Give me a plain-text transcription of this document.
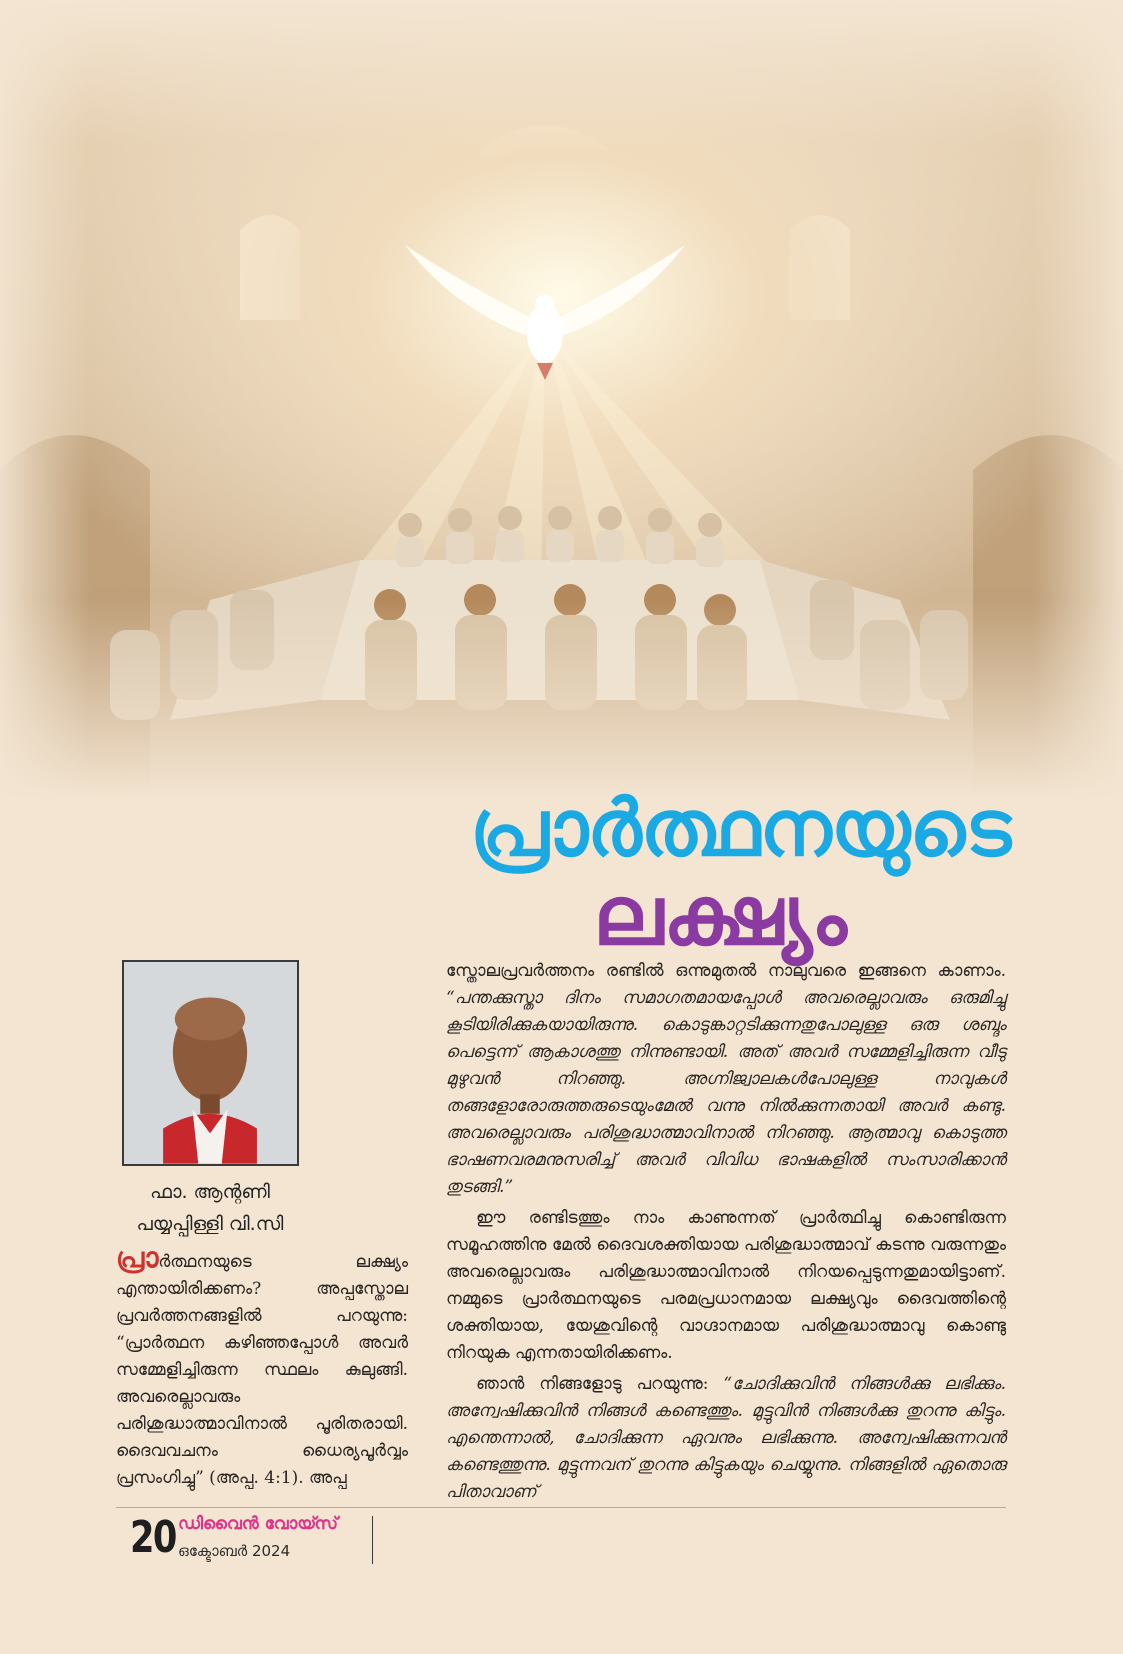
പ്രാർത്ഥനയുടെ
ലക്ഷ്യം
ഫാ. ആന്റണി
പയ്യപ്പിള്ളി വി.സി

പ്രാർത്ഥനയുടെ ലക്ഷ്യം എന്തായിരിക്കണം? അപ്പസ്തോല പ്രവർത്തനങ്ങളിൽ പറയുന്നു: “പ്രാർത്ഥന കഴിഞ്ഞപ്പോൾ അവർ സമ്മേളിച്ചിരുന്ന സ്ഥലം കുലുങ്ങി. അവരെല്ലാവരും പരിശുദ്ധാത്മാവിനാൽ പൂരിതരായി. ദൈവവചനം ധൈര്യപൂർവ്വം പ്രസംഗിച്ചു” (അപ്പ. 4:1). അപ്പ

സ്തോലപ്രവർത്തനം രണ്ടിൽ ഒന്നുമുതൽ നാലുവരെ ഇങ്ങനെ കാണാം. “പന്തക്കുസ്താ ദിനം സമാഗതമായപ്പോൾ അവരെല്ലാവരും ഒരുമിച്ചു കൂടിയിരിക്കുകയായിരുന്നു. കൊടുങ്കാറ്റടിക്കുന്നതുപോലുള്ള ഒരു ശബ്ദം പെട്ടെന്ന് ആകാശത്തു നിന്നുണ്ടായി. അത് അവർ സമ്മേളിച്ചിരുന്ന വീടു മുഴുവൻ നിറഞ്ഞു. അഗ്നിജ്വാലകൾപോലുള്ള നാവുകൾ തങ്ങളോരോരുത്തരുടെയുംമേൽ വന്നു നിൽക്കുന്നതായി അവർ കണ്ടു. അവരെല്ലാവരും പരിശുദ്ധാത്മാവിനാൽ നിറഞ്ഞു. ആത്മാവു കൊടുത്ത ഭാഷണവരമനുസരിച്ച് അവർ വിവിധ ഭാഷകളിൽ സംസാരിക്കാൻ തുടങ്ങി.”

ഈ രണ്ടിടത്തും നാം കാണുന്നത് പ്രാർത്ഥിച്ചു കൊണ്ടിരുന്ന സമൂഹത്തിനു മേൽ ദൈവശക്തിയായ പരിശുദ്ധാത്മാവ് കടന്നു വരുന്നതും അവരെല്ലാവരും പരിശുദ്ധാത്മാവിനാൽ നിറയപ്പെടുന്നതുമായിട്ടാണ്. നമ്മുടെ പ്രാർത്ഥനയുടെ പരമപ്രധാനമായ ലക്ഷ്യവും ദൈവത്തിന്റെ ശക്തിയായ, യേശുവിന്റെ വാഗ്ദാനമായ പരിശുദ്ധാത്മാവു കൊണ്ടു നിറയുക എന്നതായിരിക്കണം.

ഞാൻ നിങ്ങളോടു പറയുന്നു: “ചോദിക്കുവിൻ നിങ്ങൾക്കു ലഭിക്കും. അന്വേഷിക്കുവിൻ നിങ്ങൾ കണ്ടെത്തും. മുട്ടുവിൻ നിങ്ങൾക്കു തുറന്നു കിട്ടും. എന്തെന്നാൽ, ചോദിക്കുന്ന ഏവനും ലഭിക്കുന്നു. അന്വേഷിക്കുന്നവൻ കണ്ടെത്തുന്നു. മുട്ടുന്നവന് തുറന്നു കിട്ടുകയും ചെയ്യുന്നു. നിങ്ങളിൽ ഏതൊരു പിതാവാണ്

20 ഡിവൈൻ വോയ്സ്
ഒക്ടോബർ 2024
